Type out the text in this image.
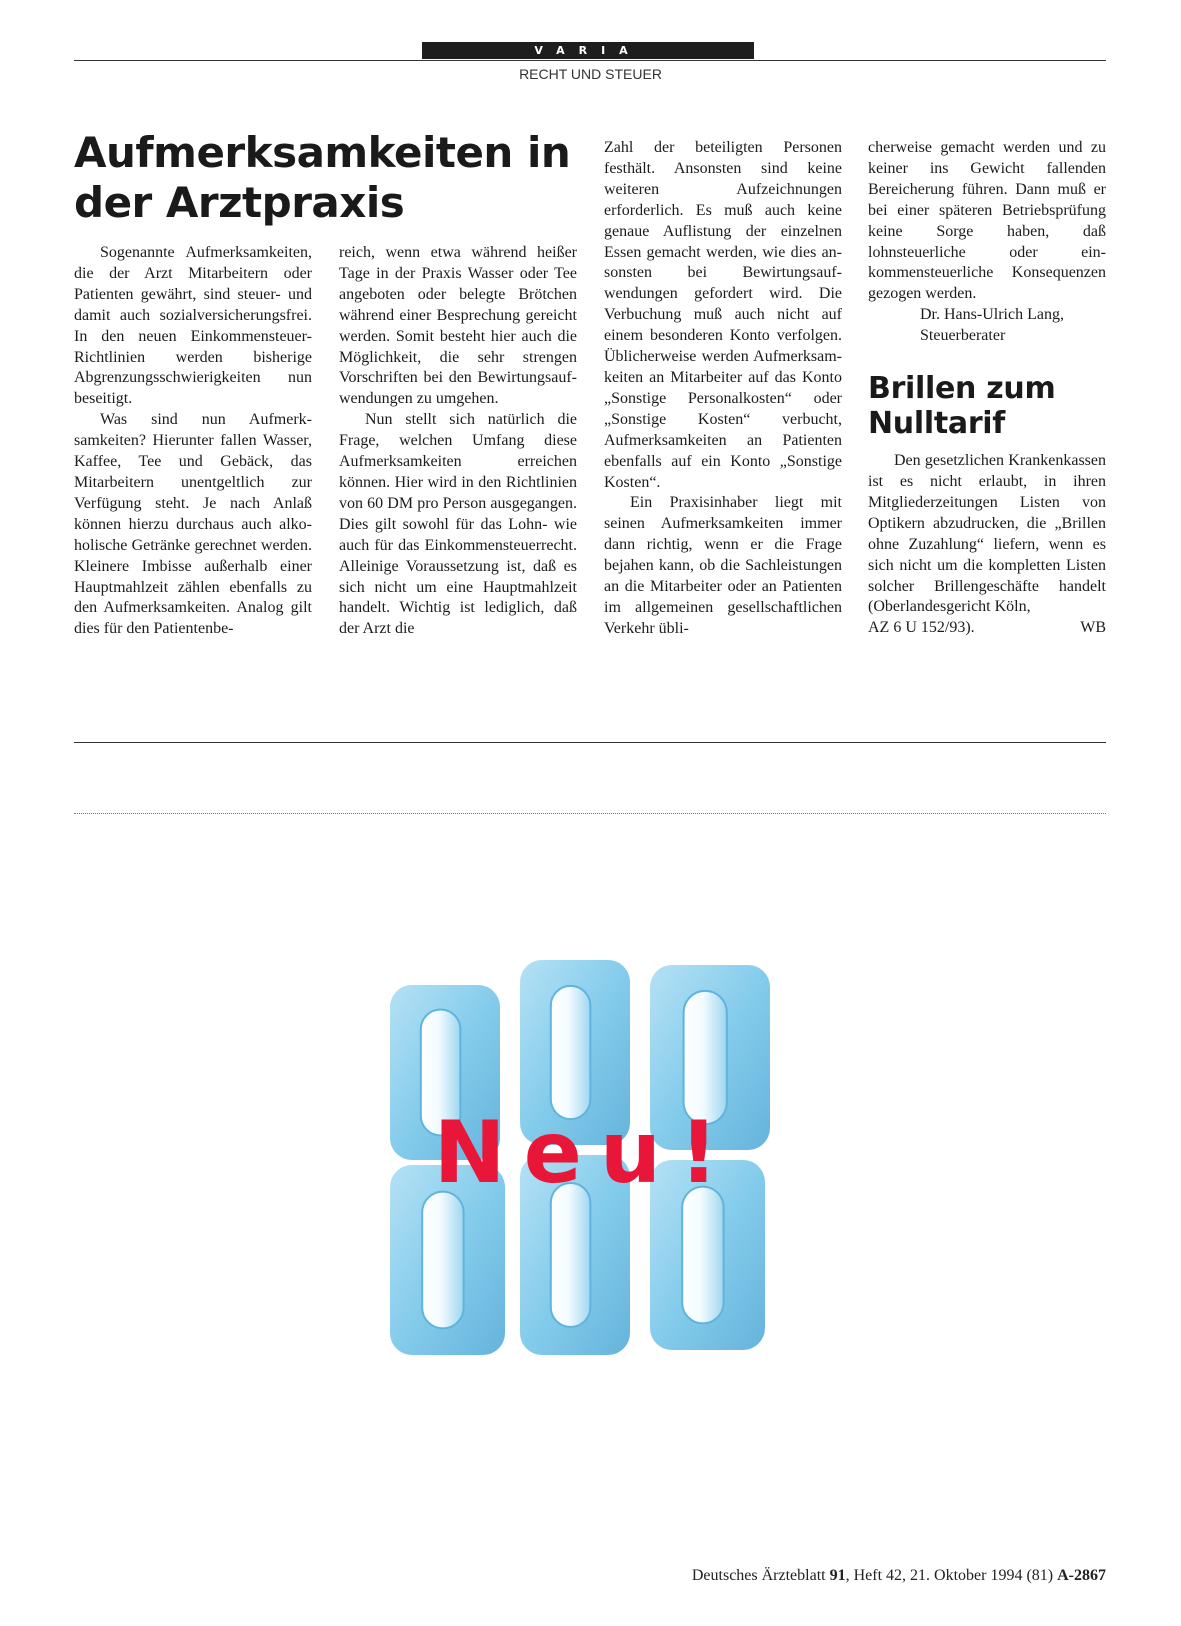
VARIA
RECHT UND STEUER
Aufmerksamkeiten in der Arztpraxis

Sogenannte Aufmerksamkeiten, die der Arzt Mitarbeitern oder Patienten gewährt, sind steuer- und damit auch sozialversicherungsfrei. In den neuen Einkommensteuer-Richtlinien werden bisherige Abgrenzungsschwierigkeiten nun beseitigt.

Was sind nun Aufmerksamkeiten? Hierunter fallen Wasser, Kaffee, Tee und Gebäck, das Mitarbeitern unentgeltlich zur Verfügung steht. Je nach Anlaß können hierzu durchaus auch alkoholische Getränke gerechnet werden. Kleinere Imbisse außerhalb einer Hauptmahlzeit zählen ebenfalls zu den Aufmerksamkeiten. Analog gilt dies für den Patientenbe-

reich, wenn etwa während heißer Tage in der Praxis Wasser oder Tee angeboten oder belegte Brötchen während einer Besprechung gereicht werden. Somit besteht hier auch die Möglichkeit, die sehr strengen Vorschriften bei den Bewirtungsaufwendungen zu umgehen.

Nun stellt sich natürlich die Frage, welchen Umfang diese Aufmerksamkeiten erreichen können. Hier wird in den Richtlinien von 60 DM pro Person ausgegangen. Dies gilt sowohl für das Lohn- wie auch für das Einkommensteuerrecht. Alleinige Voraussetzung ist, daß es sich nicht um eine Hauptmahlzeit handelt. Wichtig ist lediglich, daß der Arzt die

Zahl der beteiligten Personen festhält. Ansonsten sind keine weiteren Aufzeichnungen erforderlich. Es muß auch keine genaue Auflistung der einzelnen Essen gemacht werden, wie dies ansonsten bei Bewirtungsaufwendungen gefordert wird. Die Verbuchung muß auch nicht auf einem besonderen Konto verfolgen. Üblicherweise werden Aufmerksamkeiten an Mitarbeiter auf das Konto „Sonstige Personalkosten“ oder „Sonstige Kosten“ verbucht, Aufmerksamkeiten an Patienten ebenfalls auf ein Konto „Sonstige Kosten“.

Ein Praxisinhaber liegt mit seinen Aufmerksamkeiten immer dann richtig, wenn er die Frage bejahen kann, ob die Sachleistungen an die Mitarbeiter oder an Patienten im allgemeinen gesellschaftlichen Verkehr übli-

cherweise gemacht werden und zu keiner ins Gewicht fallenden Bereicherung führen. Dann muß er bei einer späteren Betriebsprüfung keine Sorge haben, daß lohnsteuerliche oder einkommensteuerliche Konsequenzen gezogen werden.

Dr. Hans-Ulrich Lang,
Steuerberater

Brillen zum Nulltarif

Den gesetzlichen Krankenkassen ist es nicht erlaubt, in ihren Mitgliederzeitungen Listen von Optikern abzudrucken, die „Brillen ohne Zuzahlung“ liefern, wenn es sich nicht um die kompletten Listen solcher Brillengeschäfte handelt (Oberlandesgericht Köln,

AZ 6 U 152/93).	WB
Neu!
Deutsches Ärzteblatt 91, Heft 42, 21. Oktober 1994 (81) A-2867
